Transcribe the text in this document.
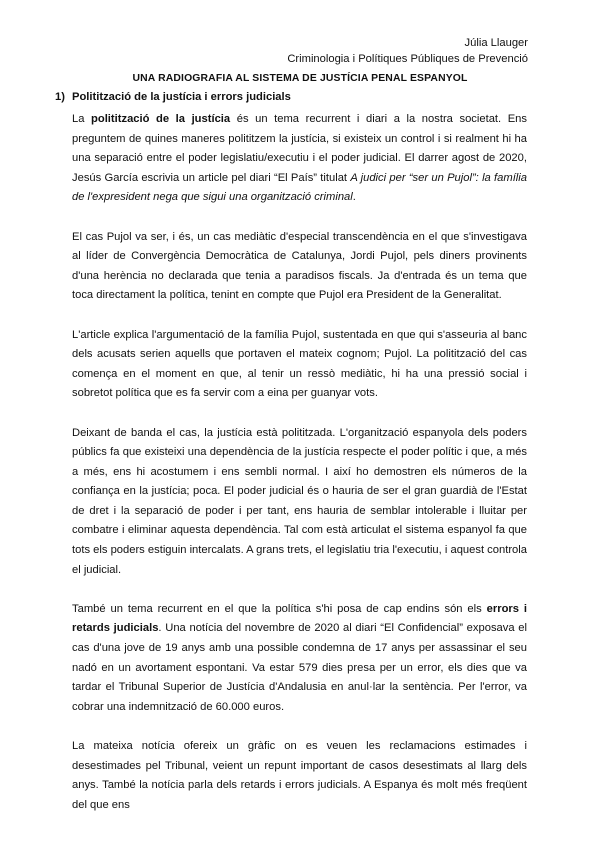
Júlia Llauger
Criminologia i Polítiques Públiques de Prevenció
UNA RADIOGRAFIA AL SISTEMA DE JUSTÍCIA PENAL ESPANYOL
1) Politització de la justícia i errors judicials

La politització de la justícia és un tema recurrent i diari a la nostra societat. Ens preguntem de quines maneres polititzem la justícia, si existeix un control i si realment hi ha una separació entre el poder legislatiu/executiu i el poder judicial. El darrer agost de 2020, Jesús García escrivia un article pel diari “El País” titulat A judici per “ser un Pujol”: la família de l'expresident nega que sigui una organització criminal.

El cas Pujol va ser, i és, un cas mediàtic d'especial transcendència en el que s'investigava al líder de Convergència Democràtica de Catalunya, Jordi Pujol, pels diners provinents d'una herència no declarada que tenia a paradisos fiscals. Ja d'entrada és un tema que toca directament la política, tenint en compte que Pujol era President de la Generalitat.

L'article explica l'argumentació de la família Pujol, sustentada en que qui s'asseuria al banc dels acusats serien aquells que portaven el mateix cognom; Pujol. La politització del cas comença en el moment en que, al tenir un ressò mediàtic, hi ha una pressió social i sobretot política que es fa servir com a eina per guanyar vots.

Deixant de banda el cas, la justícia està polititzada. L'organització espanyola dels poders públics fa que existeixi una dependència de la justícia respecte el poder polític i que, a més a més, ens hi acostumem i ens sembli normal. I així ho demostren els números de la confiança en la justícia; poca. El poder judicial és o hauria de ser el gran guardià de l'Estat de dret i la separació de poder i per tant, ens hauria de semblar intolerable i lluitar per combatre i eliminar aquesta dependència. Tal com està articulat el sistema espanyol fa que tots els poders estiguin intercalats. A grans trets, el legislatiu tria l'executiu, i aquest controla el judicial.

També un tema recurrent en el que la política s'hi posa de cap endins són els errors i retards judicials. Una notícia del novembre de 2020 al diari “El Confidencial” exposava el cas d'una jove de 19 anys amb una possible condemna de 17 anys per assassinar el seu nadó en un avortament espontani. Va estar 579 dies presa per un error, els dies que va tardar el Tribunal Superior de Justícia d'Andalusia en anul·lar la sentència. Per l'error, va cobrar una indemnització de 60.000 euros.

La mateixa notícia ofereix un gràfic on es veuen les reclamacions estimades i desestimades pel Tribunal, veient un repunt important de casos desestimats al llarg dels anys. També la notícia parla dels retards i errors judicials. A Espanya és molt més freqüent del que ens
